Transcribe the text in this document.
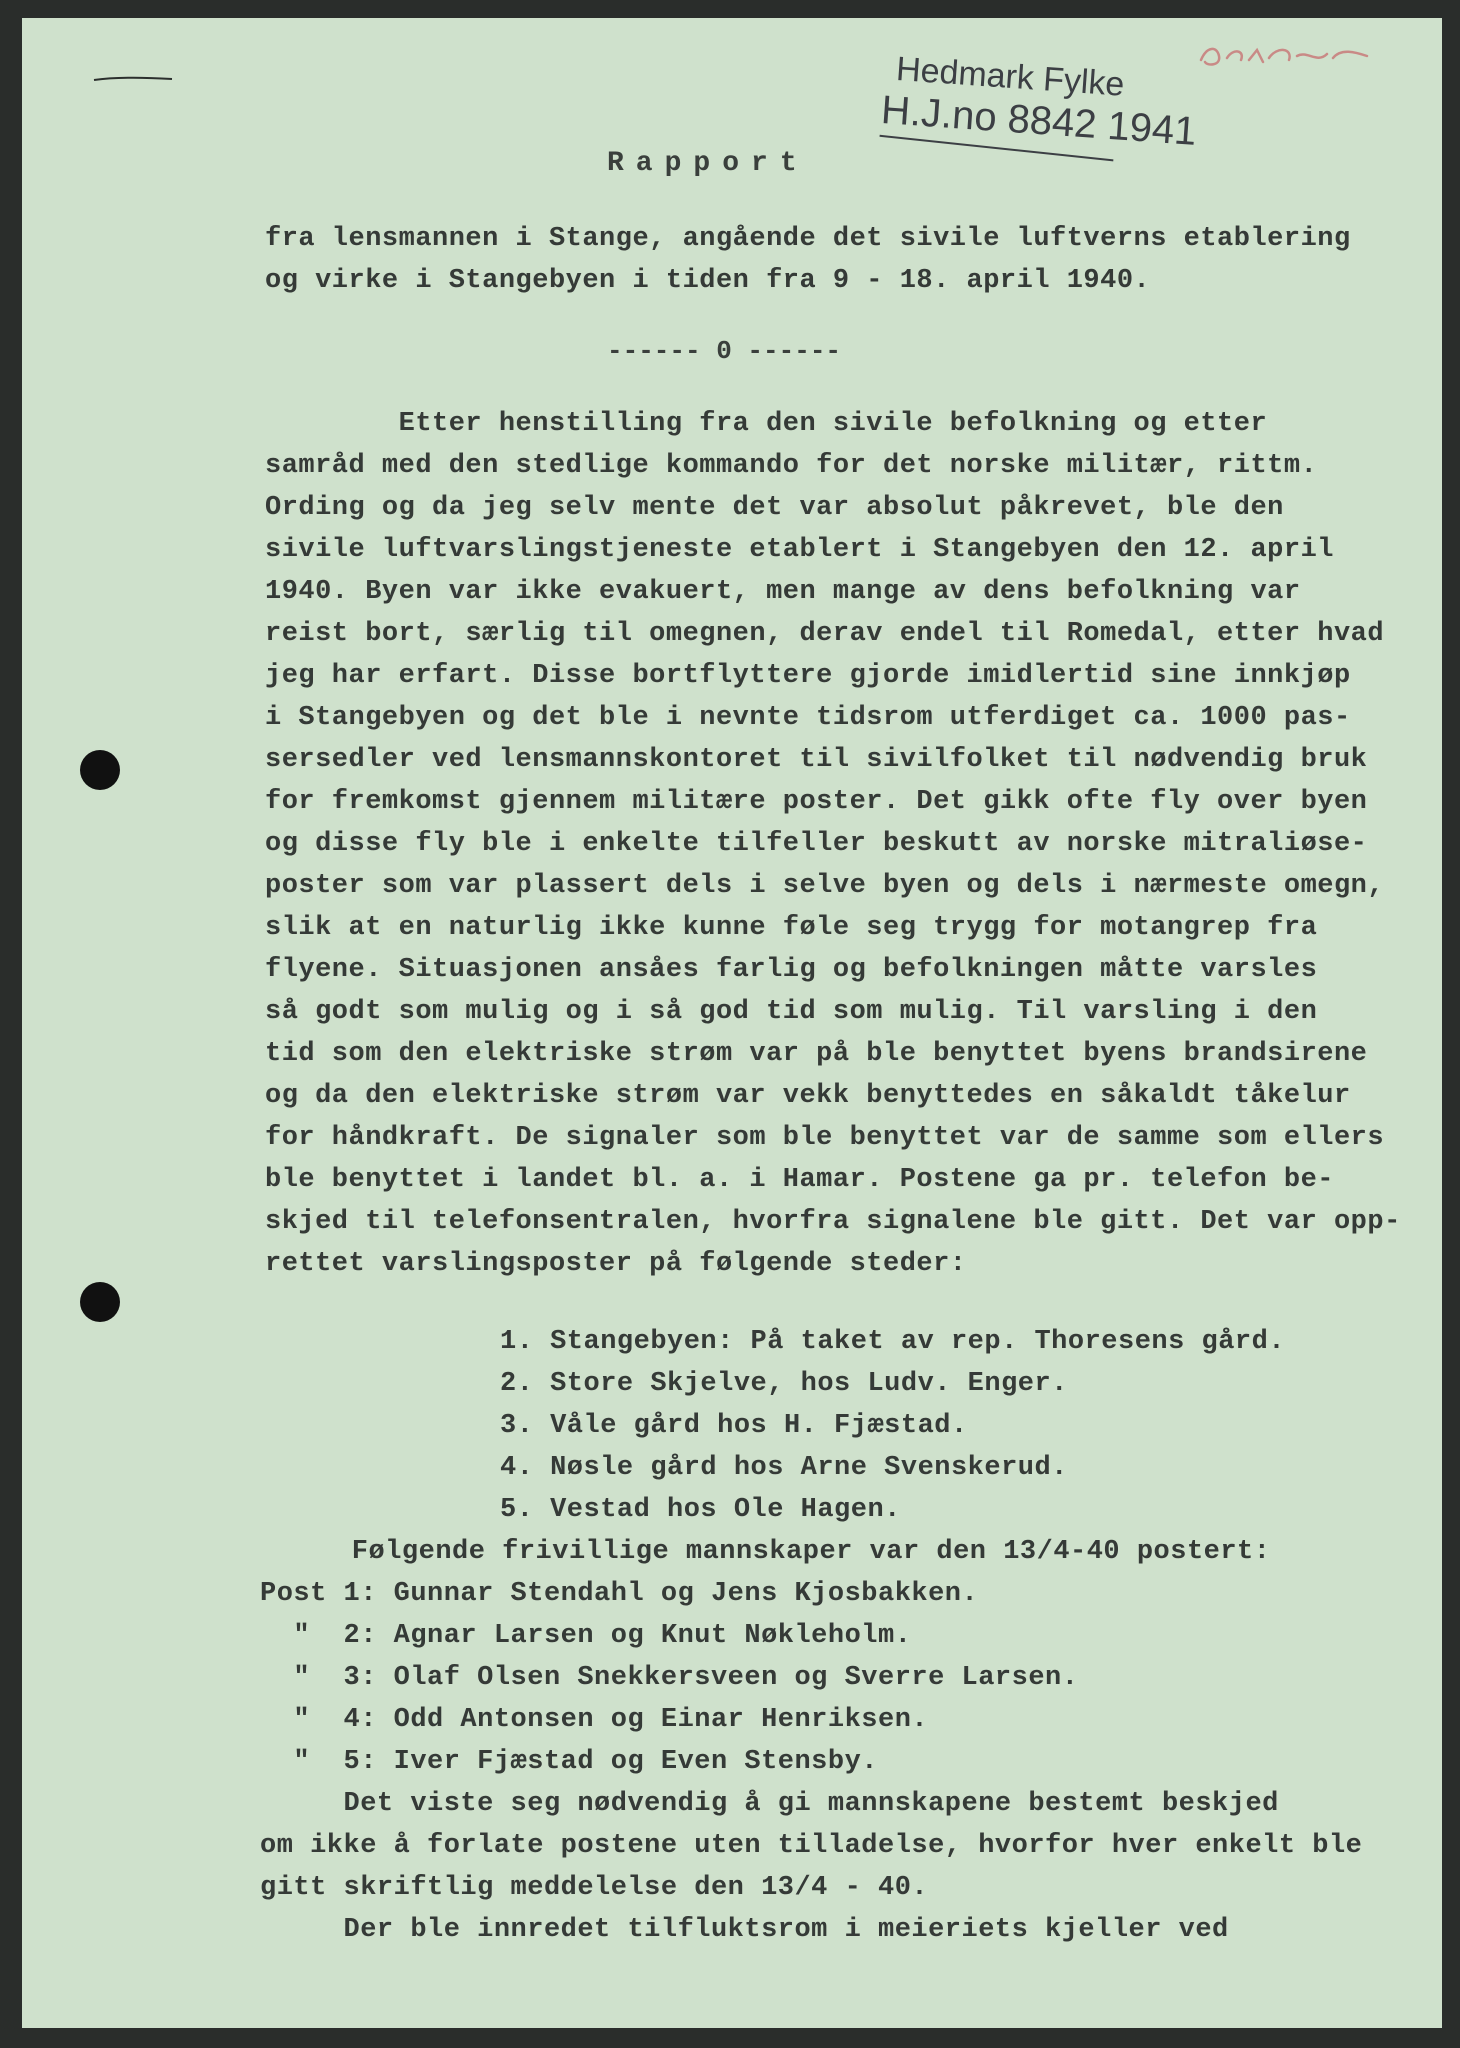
Hedmark Fylke
H.J.no 8842 1941
Rapport
fra lensmannen i Stange, angående det sivile luftverns etablering
og virke i Stangebyen i tiden fra 9 - 18. april 1940.
------ 0 ------
Etter henstilling fra den sivile befolkning og etter
samråd med den stedlige kommando for det norske militær, rittm.
Ording og da jeg selv mente det var absolut påkrevet, ble den
sivile luftvarslingstjeneste etablert i Stangebyen den 12. april
1940. Byen var ikke evakuert, men mange av dens befolkning var
reist bort, særlig til omegnen, derav endel til Romedal, etter hvad
jeg har erfart. Disse bortflyttere gjorde imidlertid sine innkjøp
i Stangebyen og det ble i nevnte tidsrom utferdiget ca. 1000 pas-
sersedler ved lensmannskontoret til sivilfolket til nødvendig bruk
for fremkomst gjennem militære poster. Det gikk ofte fly over byen
og disse fly ble i enkelte tilfeller beskutt av norske mitraliøse-
poster som var plassert dels i selve byen og dels i nærmeste omegn,
slik at en naturlig ikke kunne føle seg trygg for motangrep fra
flyene. Situasjonen ansåes farlig og befolkningen måtte varsles
så godt som mulig og i så god tid som mulig. Til varsling i den
tid som den elektriske strøm var på ble benyttet byens brandsirene
og da den elektriske strøm var vekk benyttedes en såkaldt tåkelur
for håndkraft. De signaler som ble benyttet var de samme som ellers
ble benyttet i landet bl. a. i Hamar. Postene ga pr. telefon be-
skjed til telefonsentralen, hvorfra signalene ble gitt. Det var opp-
rettet varslingsposter på følgende steder:
1. Stangebyen: På taket av rep. Thoresens gård.
2. Store Skjelve, hos Ludv. Enger.
3. Våle gård hos H. Fjæstad.
4. Nøsle gård hos Arne Svenskerud.
5. Vestad hos Ole Hagen.
Følgende frivillige mannskaper var den 13/4-40 postert:
Post 1: Gunnar Stendahl og Jens Kjosbakken.
"  2: Agnar Larsen og Knut Nøkleholm.
"  3: Olaf Olsen Snekkersveen og Sverre Larsen.
"  4: Odd Antonsen og Einar Henriksen.
"  5: Iver Fjæstad og Even Stensby.
Det viste seg nødvendig å gi mannskapene bestemt beskjed
om ikke å forlate postene uten tilladelse, hvorfor hver enkelt ble
gitt skriftlig meddelelse den 13/4 - 40.
Der ble innredet tilfluktsrom i meieriets kjeller ved
